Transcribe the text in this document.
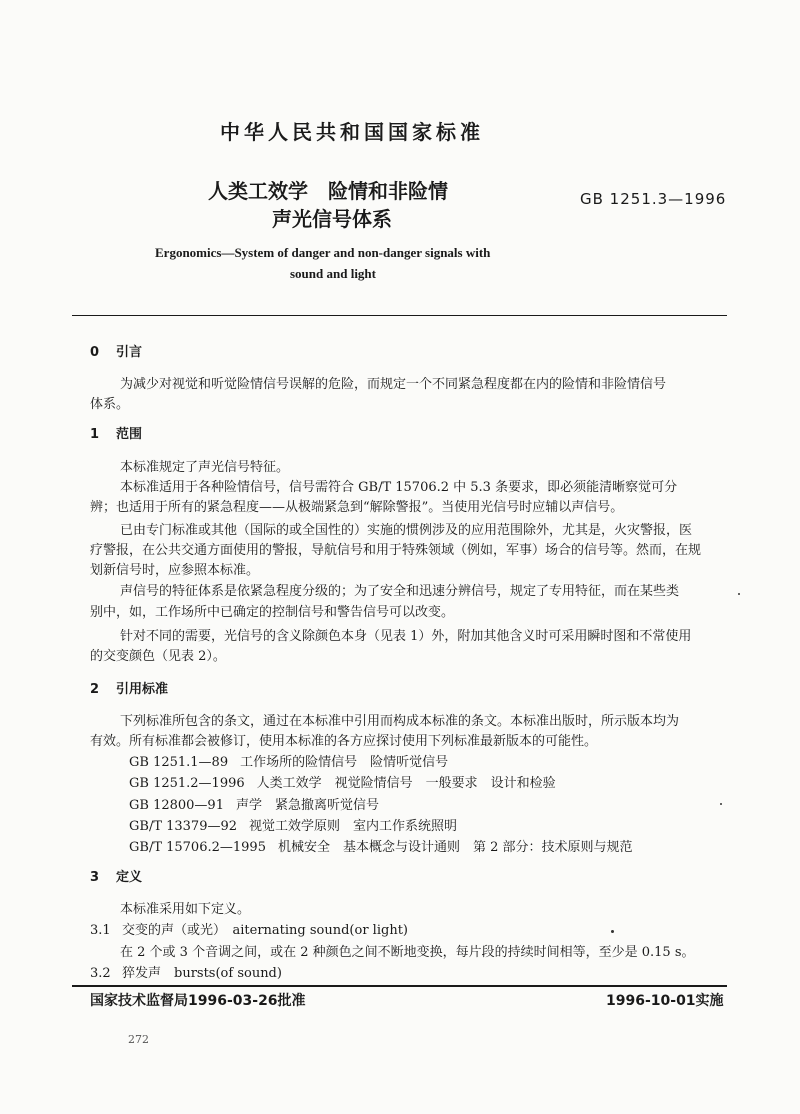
中华人民共和国国家标准
人类工效学　险情和非险情
声光信号体系
GB 1251.3—1996
Ergonomics—System of danger and non-danger signals with
sound and light
0 引言
为减少对视觉和听觉险情信号误解的危险，而规定一个不同紧急程度都在内的险情和非险情信号
体系。
1 范围
本标准规定了声光信号特征。
本标准适用于各种险情信号，信号需符合 GB/T 15706.2 中 5.3 条要求，即必须能清晰察觉可分
辨；也适用于所有的紧急程度——从极端紧急到“解除警报”。当使用光信号时应辅以声信号。
已由专门标准或其他（国际的或全国性的）实施的惯例涉及的应用范围除外，尤其是，火灾警报，医
疗警报，在公共交通方面使用的警报，导航信号和用于特殊领域（例如，军事）场合的信号等。然而，在规
划新信号时，应参照本标准。
声信号的特征体系是依紧急程度分级的；为了安全和迅速分辨信号，规定了专用特征，而在某些类
别中，如，工作场所中已确定的控制信号和警告信号可以改变。
针对不同的需要，光信号的含义除颜色本身（见表 1）外，附加其他含义时可采用瞬时图和不常使用
的交变颜色（见表 2）。
2 引用标准
下列标准所包含的条文，通过在本标准中引用而构成本标准的条文。本标准出版时，所示版本均为
有效。所有标准都会被修订，使用本标准的各方应探讨使用下列标准最新版本的可能性。
GB 1251.1—89 工作场所的险情信号　险情听觉信号
GB 1251.2—1996 人类工效学　视觉险情信号　一般要求　设计和检验
GB 12800—91 声学　紧急撤离听觉信号
GB/T 13379—92 视觉工效学原则　室内工作系统照明
GB/T 15706.2—1995 机械安全　基本概念与设计通则　第 2 部分：技术原则与规范
3 定义
本标准采用如下定义。
3.1 交变的声（或光）　aiternating sound(or light)
在 2 个或 3 个音调之间，或在 2 种颜色之间不断地变换，每片段的持续时间相等，至少是 0.15 s。
3.2 猝发声　bursts(of sound)
国家技术监督局1996-03-26批准	1996-10-01实施
272
